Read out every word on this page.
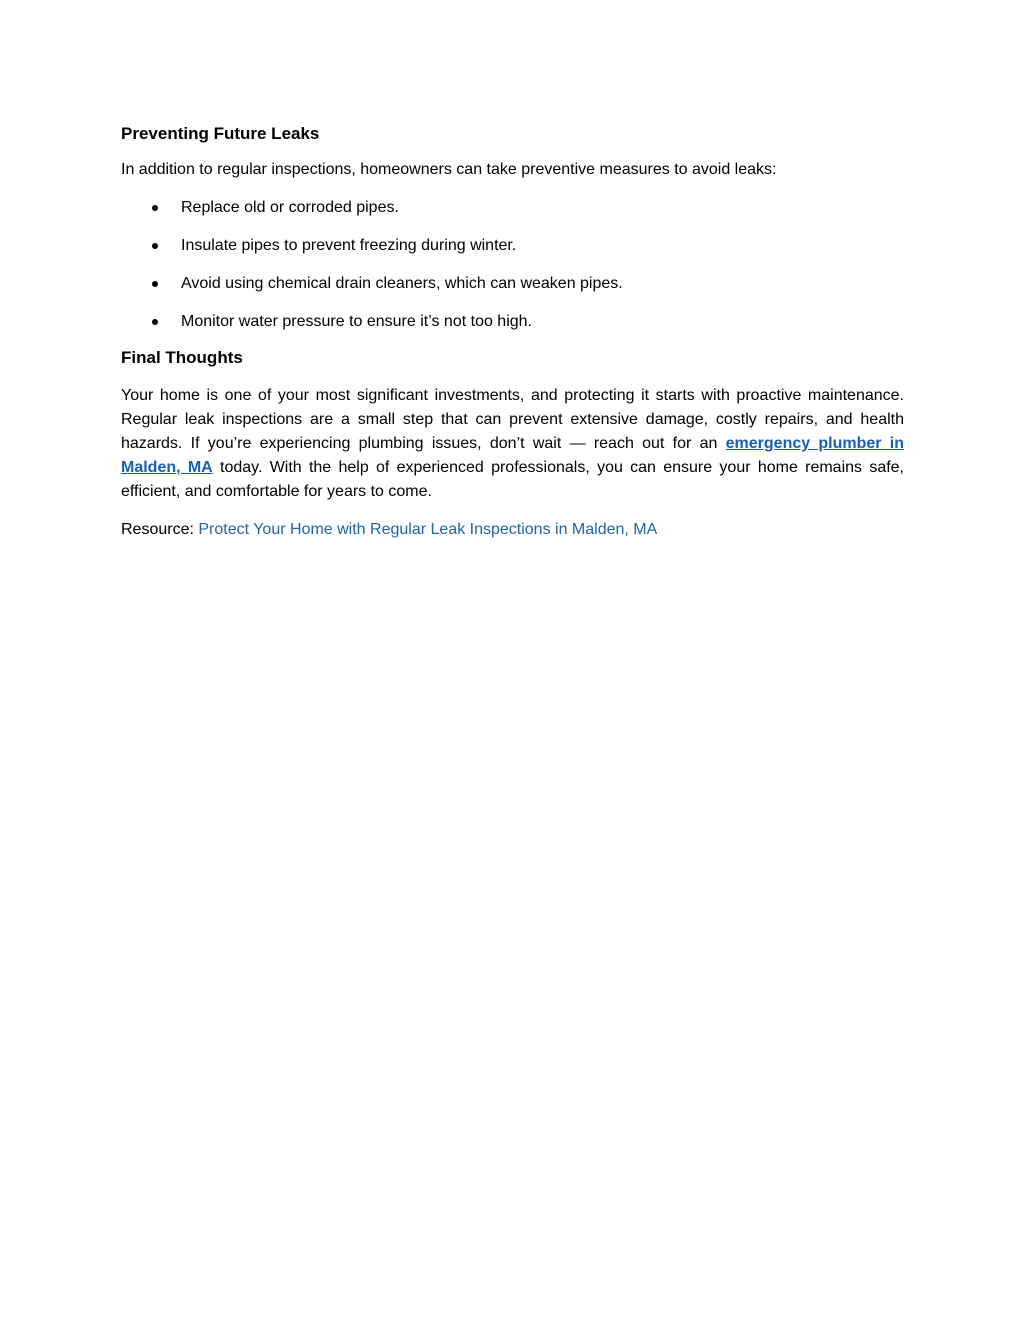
Preventing Future Leaks

In addition to regular inspections, homeowners can take preventive measures to avoid leaks:

Replace old or corroded pipes.
Insulate pipes to prevent freezing during winter.
Avoid using chemical drain cleaners, which can weaken pipes.
Monitor water pressure to ensure it’s not too high.
Final Thoughts

Your home is one of your most significant investments, and protecting it starts with proactive maintenance. Regular leak inspections are a small step that can prevent extensive damage, costly repairs, and health hazards. If you’re experiencing plumbing issues, don’t wait — reach out for an emergency plumber in Malden, MA today. With the help of experienced professionals, you can ensure your home remains safe, efficient, and comfortable for years to come.

Resource: Protect Your Home with Regular Leak Inspections in Malden, MA
